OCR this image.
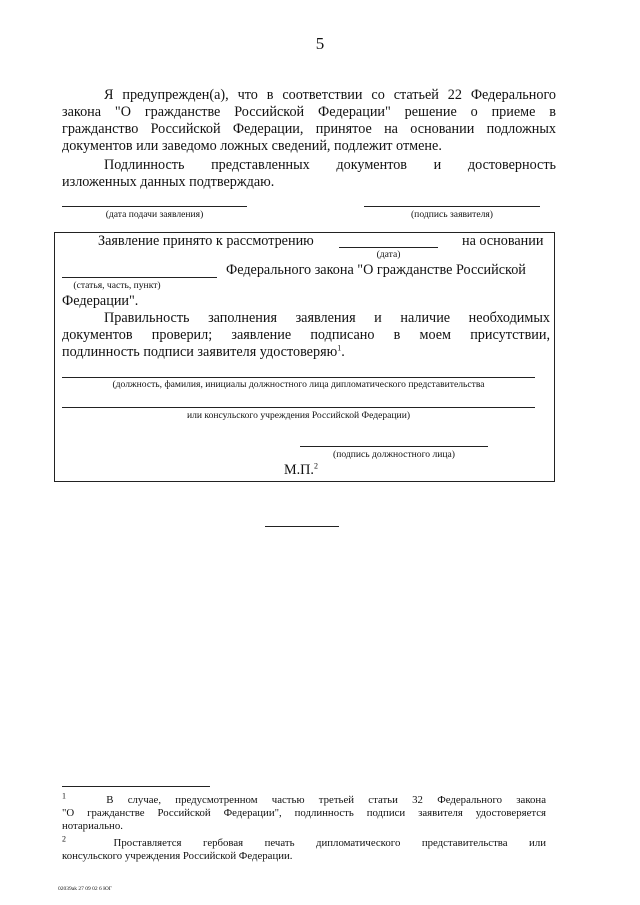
5
Я предупрежден(а), что в соответствии со статьей 22 Федерального
закона "О гражданстве Российской Федерации" решение о приеме в
гражданство Российской Федерации, принятое на основании подложных
документов или заведомо ложных сведений, подлежит отмене.
Подлинность представленных документов и достоверность
изложенных данных подтверждаю.
(дата подачи заявления)	(подпись заявителя)
Заявление принято к рассмотрению
(дата)
на основании
(статья, часть, пункт)
Федерального закона "О гражданстве Российской
Федерации".
Правильность заполнения заявления и наличие необходимых
документов проверил; заявление подписано в моем присутствии,
подлинность подписи заявителя удостоверяю$^1$.
(должность, фамилия, инициалы должностного лица дипломатического представительства
или консульского учреждения Российской Федерации)
(подпись должностного лица)
М.П.$^2$
$^1$	В случае, предусмотренном частью третьей статьи 32 Федерального закона
"О гражданстве Российской Федерации", подлинность подписи заявителя удостоверяется
нотариально.
$^2$	Проставляется гербовая печать дипломатического представительства или
консульского учреждения Российской Федерации.
02039ak 27 09 02 6 ЮГ
